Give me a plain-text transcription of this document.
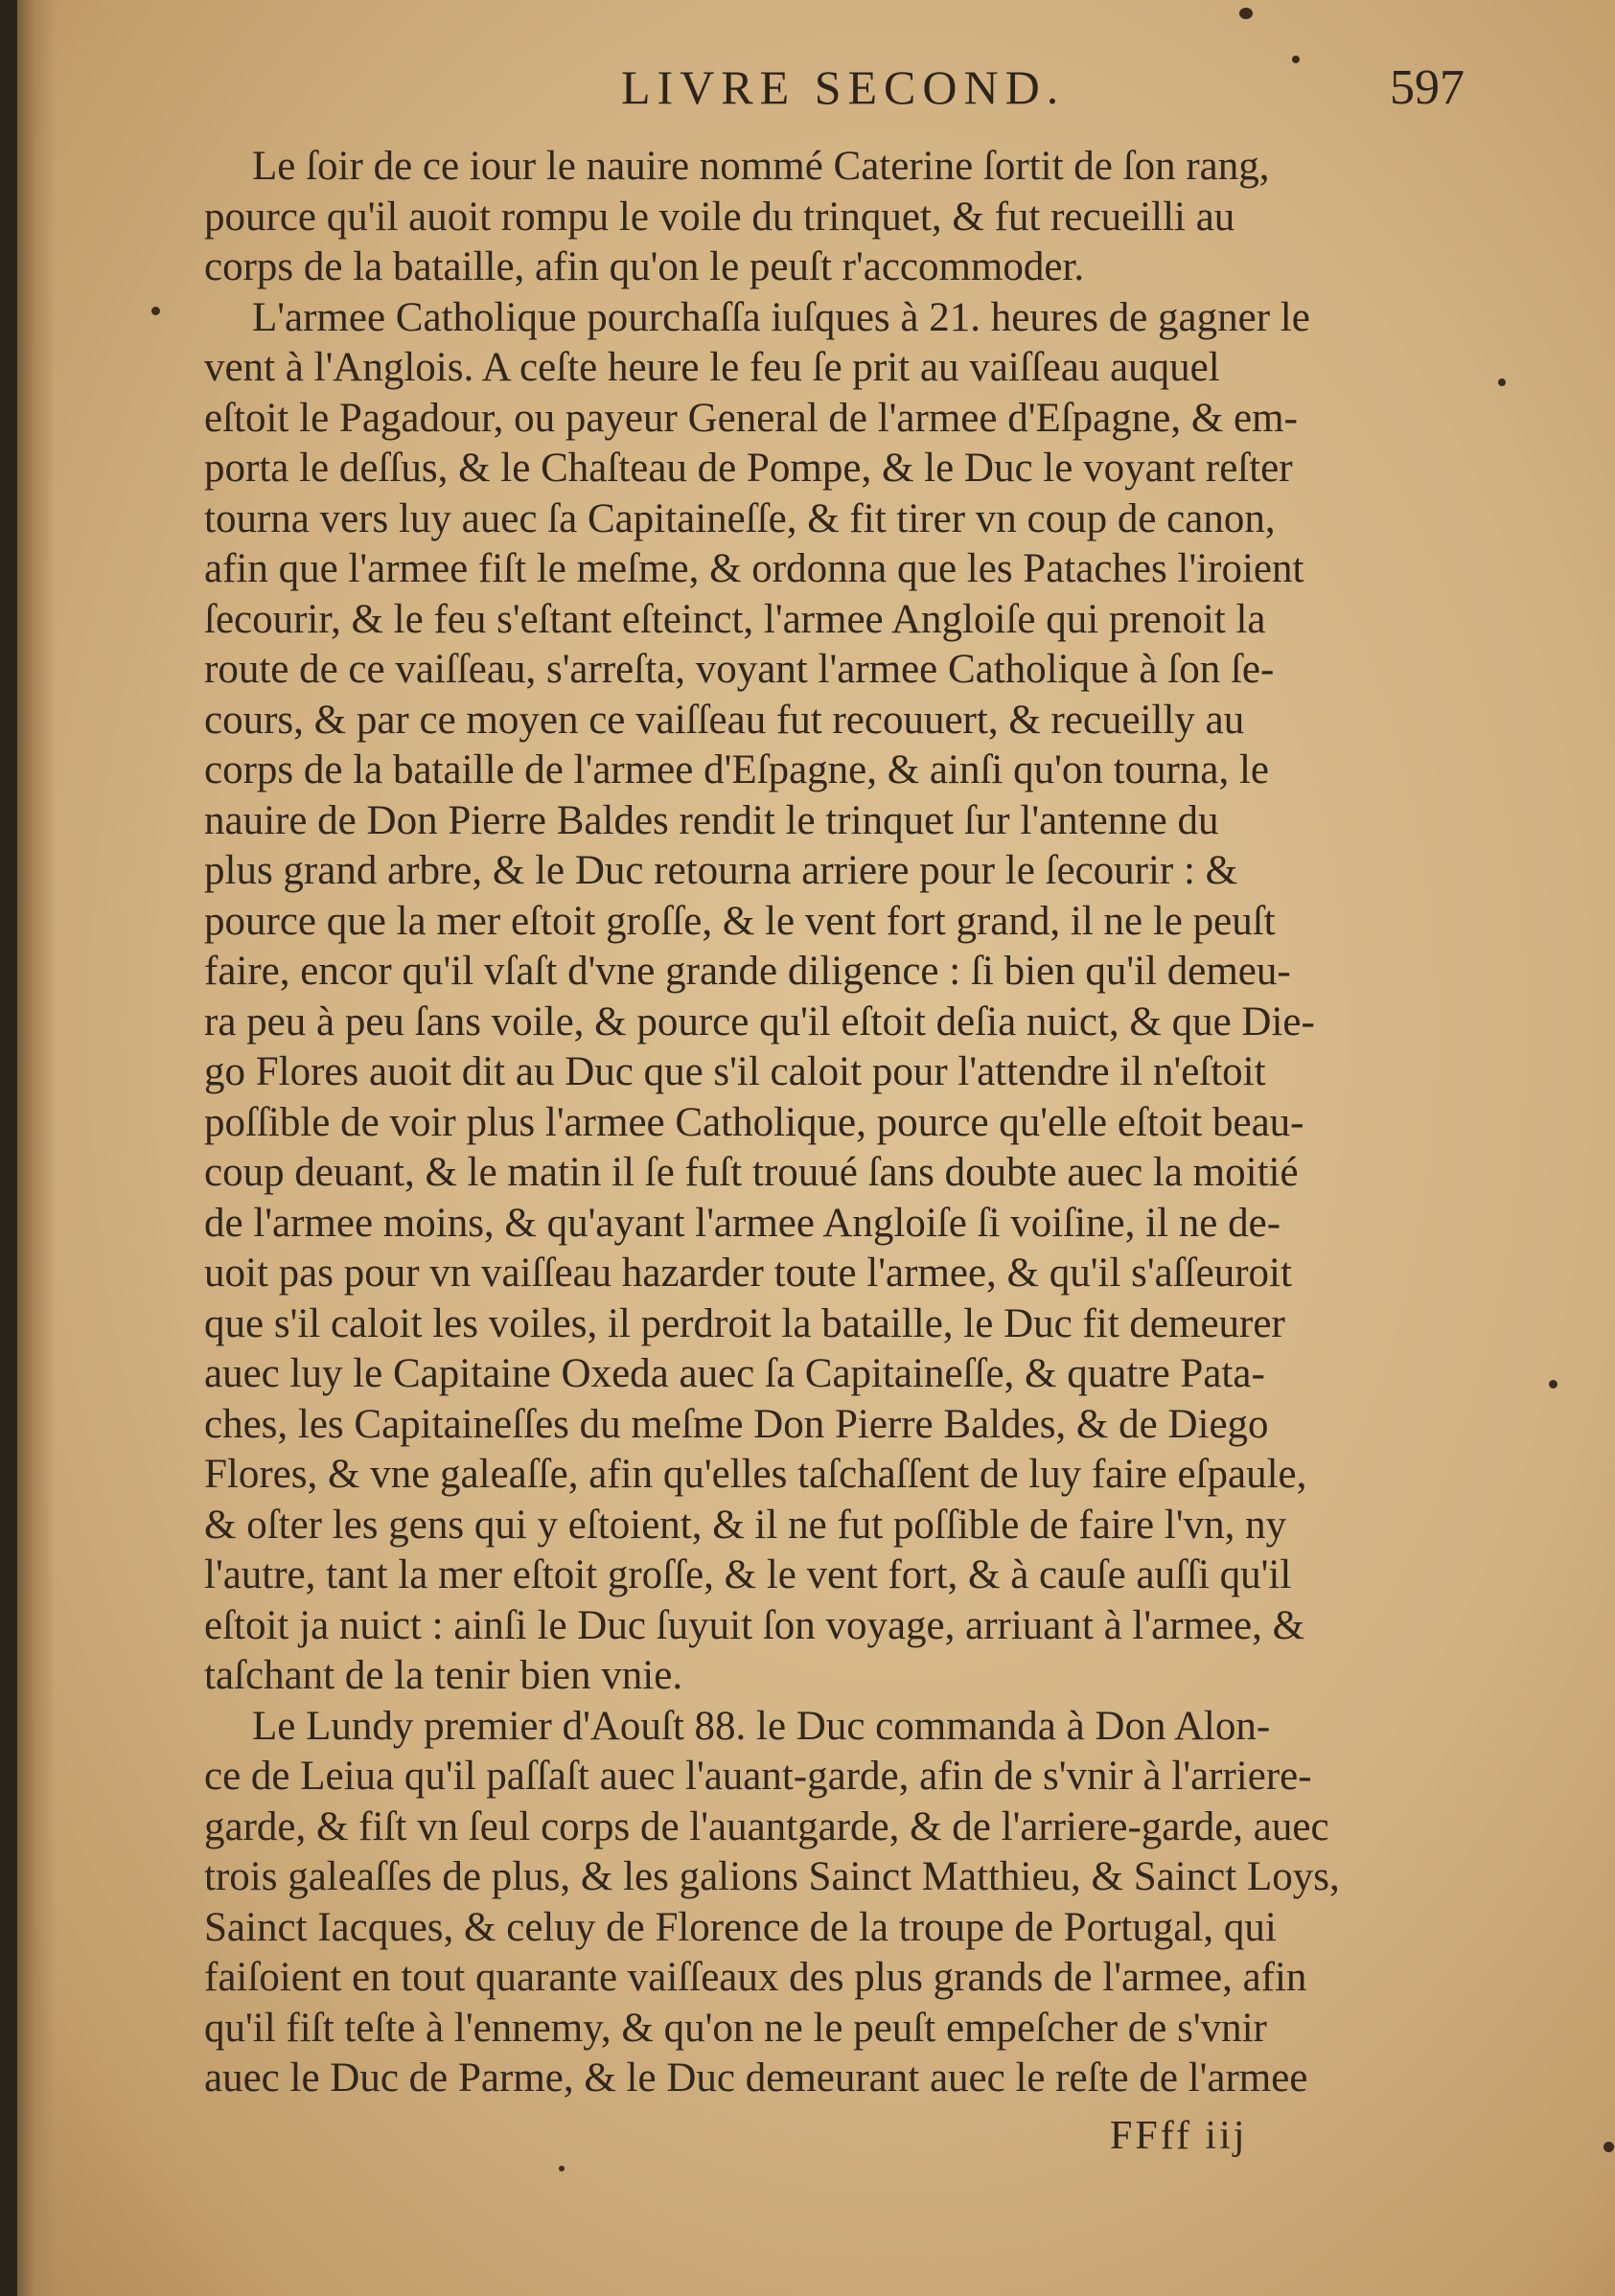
LIVRE SECOND.	597
Le ſoir de ce iour le nauire nommé Caterine ſortit de ſon rang,
pource qu'il auoit rompu le voile du trinquet, & fut recueilli au
corps de la bataille, afin qu'on le peuſt r'accommoder.
L'armee Catholique pourchaſſa iuſques à 21. heures de gagner le
vent à l'Anglois. A ceſte heure le feu ſe prit au vaiſſeau auquel
eſtoit le Pagadour, ou payeur General de l'armee d'Eſpagne, & em-
porta le deſſus, & le Chaſteau de Pompe, & le Duc le voyant reſter
tourna vers luy auec ſa Capitaineſſe, & fit tirer vn coup de canon,
afin que l'armee fiſt le meſme, & ordonna que les Pataches l'iroient
ſecourir, & le feu s'eſtant eſteinct, l'armee Angloiſe qui prenoit la
route de ce vaiſſeau, s'arreſta, voyant l'armee Catholique à ſon ſe-
cours, & par ce moyen ce vaiſſeau fut recouuert, & recueilly au
corps de la bataille de l'armee d'Eſpagne, & ainſi qu'on tourna, le
nauire de Don Pierre Baldes rendit le trinquet ſur l'antenne du
plus grand arbre, & le Duc retourna arriere pour le ſecourir : &
pource que la mer eſtoit groſſe, & le vent fort grand, il ne le peuſt
faire, encor qu'il vſaſt d'vne grande diligence : ſi bien qu'il demeu-
ra peu à peu ſans voile, & pource qu'il eſtoit deſia nuict, & que Die-
go Flores auoit dit au Duc que s'il caloit pour l'attendre il n'eſtoit
poſſible de voir plus l'armee Catholique, pource qu'elle eſtoit beau-
coup deuant, & le matin il ſe fuſt trouué ſans doubte auec la moitié
de l'armee moins, & qu'ayant l'armee Angloiſe ſi voiſine, il ne de-
uoit pas pour vn vaiſſeau hazarder toute l'armee, & qu'il s'aſſeuroit
que s'il caloit les voiles, il perdroit la bataille, le Duc fit demeurer
auec luy le Capitaine Oxeda auec ſa Capitaineſſe, & quatre Pata-
ches, les Capitaineſſes du meſme Don Pierre Baldes, & de Diego
Flores, & vne galeaſſe, afin qu'elles taſchaſſent de luy faire eſpaule,
& oſter les gens qui y eſtoient, & il ne fut poſſible de faire l'vn, ny
l'autre, tant la mer eſtoit groſſe, & le vent fort, & à cauſe auſſi qu'il
eſtoit ja nuict : ainſi le Duc ſuyuit ſon voyage, arriuant à l'armee, &
taſchant de la tenir bien vnie.
Le Lundy premier d'Aouſt 88. le Duc commanda à Don Alon-
ce de Leiua qu'il paſſaſt auec l'auant-garde, afin de s'vnir à l'arriere-
garde, & fiſt vn ſeul corps de l'auantgarde, & de l'arriere-garde, auec
trois galeaſſes de plus, & les galions Sainct Matthieu, & Sainct Loys,
Sainct Iacques, & celuy de Florence de la troupe de Portugal, qui
faiſoient en tout quarante vaiſſeaux des plus grands de l'armee, afin
qu'il fiſt teſte à l'ennemy, & qu'on ne le peuſt empeſcher de s'vnir
auec le Duc de Parme, & le Duc demeurant auec le reſte de l'armee
FFff iij
